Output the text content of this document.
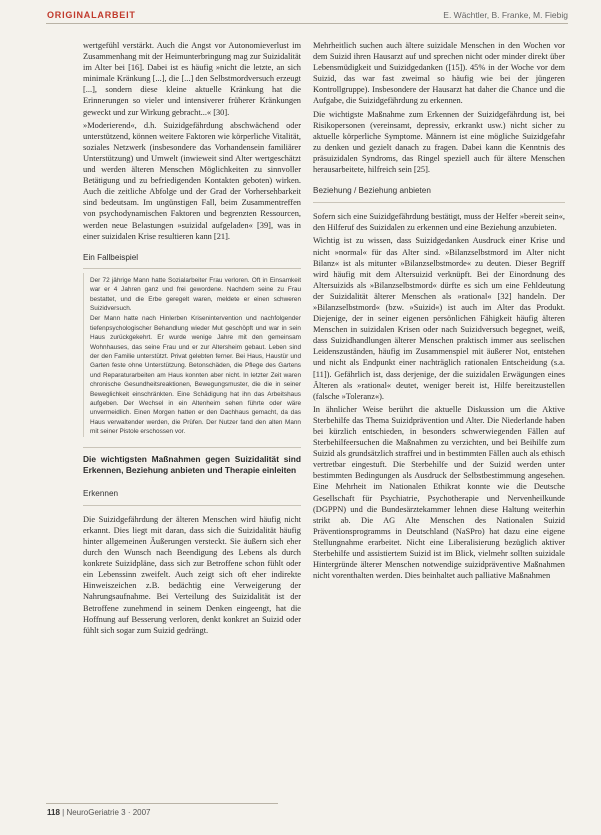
ORIGINALARBEIT	E. Wächtler, B. Franke, M. Fiebig

wertgefühl verstärkt. Auch die Angst vor Autonomieverlust im Zusammenhang mit der Heimunterbringung mag zur Suizidalität im Alter bei [16]. Dabei ist es häufig »nicht die letzte, an sich minimale Kränkung [...], die [...] den Selbstmordversuch erzeugt [...], sondern diese kleine aktuelle Kränkung hat die Erinnerungen so vieler und intensiverer früherer Kränkungen geweckt und zur Wirkung gebracht...« [30].

»Moderierend«, d.h. Suizidgefährdung abschwächend oder unterstützend, können weitere Faktoren wie körperliche Vitalität, soziales Netzwerk (insbesondere das Vorhandensein familiärer Unterstützung) und Umwelt (inwieweit sind Alter wertgeschätzt und werden älteren Menschen Möglichkeiten zu sinnvoller Betätigung und zu befriedigenden Kontakten geboten) wirken. Auch die zeitliche Abfolge und der Grad der Vorhersehbarkeit sind bedeutsam. Im ungünstigen Fall, beim Zusammentreffen von psychodynamischen Faktoren und begrenzten Ressourcen, werden neue Belastungen »suizidal aufgeladen« [39], was in einer suizidalen Krise resultieren kann [21].

Ein Fallbeispiel

Der 72 jährige Mann hatte Sozialarbeiter Frau verloren. Oft in Einsamkeit war er 4 Jahren ganz und frei gewordene. Nachdem seine zu Frau bestattet, und die Erbe geregelt waren, meldete er einen schweren Suizidversuch.

Der Mann hatte nach Hinlerben Krisenintervention und nachfolgender tiefenpsychologischer Behandlung wieder Mut geschöpft und war in sein Haus zurückgekehrt. Er wurde wenige Jahre mit den gemeinsam Wohnhauses, das seine Frau und er zur Altersheim gebaut. Leben sind der den Familie unterstützt. Privat gelebten ferner. Bei Haus, Haustür und Garten feste ohne Unterstützung. Betonschäden, die Pflege des Gartens und Reparaturarbeiten am Haus konnten aber nicht. In letzter Zeit waren chronische Gesundheitsreaktionen, Bewegungsmuster, die die in seiner Beweglichkeit einschränkten. Eine Schädigung hat ihn das Arbeitshaus aufgeben. Der Wechsel in ein Altenheim sehen führte oder wäre unvermeidlich. Einen Morgen hatten er den Dachhaus gemacht, da das Haus verwaltender werden, die Prüfen. Der Nutzer fand den alten Mann mit seiner Pistole erschossen vor.

Die wichtigsten Maßnahmen gegen Suizidalität sind Erkennen, Beziehung anbieten und Therapie einleiten
Erkennen

Die Suizidgefährdung der älteren Menschen wird häufig nicht erkannt. Dies liegt mit daran, dass sich die Suizidalität häufig hinter allgemeinen Äußerungen versteckt. Sie äußern sich eher durch den Wunsch nach Beendigung des Lebens als durch konkrete Suizidpläne, dass sich zur Betroffene schon fühlt oder ein Lebenssinn zweifelt. Auch zeigt sich oft eher indirekte Hinweiszeichen z.B. bedächtig eine Verweigerung der Nahrungsaufnahme. Bei Verteilung des Suizidalität ist der Betroffene zunehmend in seinem Denken eingeengt, hat die Hoffnung auf Besserung verloren, denkt konkret an Suizid oder fühlt sich sogar zum Suizid gedrängt.

Mehrheitlich suchen auch ältere suizidale Menschen in den Wochen vor dem Suizid ihren Hausarzt auf und sprechen nicht oder minder direkt über Lebensmüdigkeit und Suizidgedanken ([15]). 45% in der Woche vor dem Suizid, das war fast zweimal so häufig wie bei der jüngeren Kontrollgruppe). Insbesondere der Hausarzt hat daher die Chance und die Aufgabe, die Suizidgefährdung zu erkennen.

Die wichtigste Maßnahme zum Erkennen der Suizidgefährdung ist, bei Risikopersonen (vereinsamt, depressiv, erkrankt usw.) nicht sicher zu aktuelle körperliche Symptome. Männern ist eine mögliche Suizidgefahr zu denken und gezielt danach zu fragen. Dabei kann die Kenntnis des präsuizidalen Syndroms, das Ringel speziell auch für ältere Menschen herausarbeitete, hilfreich sein [25].

Beziehung / Beziehung anbieten

Sofern sich eine Suizidgefährdung bestätigt, muss der Helfer »bereit sein«, den Hilferuf des Suizidalen zu erkennen und eine Beziehung anzubieten.

Wichtig ist zu wissen, dass Suizidgedanken Ausdruck einer Krise und nicht »normal« für das Alter sind. »Bilanzselbstmord im Alter nicht Bilanz« ist als mitunter »Bilanzselbstmorde« zu deuten. Dieser Begriff wird häufig mit dem Altersuizid verknüpft. Bei der Einordnung des Altersuizids als »Bilanzselbstmord« dürfte es sich um eine Fehldeutung der Suizidalität älterer Menschen als »rational« [32] handeln. Der »Bilanzselbstmord« (bzw. »Suizid«) ist auch im Alter das Produkt. Diejenige, der in seiner eigenen persönlichen Fähigkeit häufig älteren Menschen in suizidalen Krisen oder nach Suizidversuch begegnet, weiß, dass Suizidhandlungen älterer Menschen praktisch immer aus seelischen Leidenszuständen, häufig im Zusammenspiel mit äußerer Not, entstehen und nicht als Endpunkt einer nachträglich rationalen Entscheidung (s.a. [11]). Gefährlich ist, dass derjenige, der die suizidalen Erwägungen eines Älteren als »rational« deutet, weniger bereit ist, Hilfe bereitzustellen (falsche »Toleranz«).

In ähnlicher Weise berührt die aktuelle Diskussion um die Aktive Sterbehilfe das Thema Suizidprävention und Alter. Die Niederlande haben bei kürzlich entschieden, in besonders schwerwiegenden Fällen auf Sterbehilfeersuchen die Maßnahmen zu verzichten, und bei Beihilfe zum Suizid als grundsätzlich straffrei und in bestimmten Fällen auch als ethisch vertretbar eingestuft. Die Sterbehilfe und der Suizid werden unter bestimmten Bedingungen als Ausdruck der Selbstbestimmung angesehen. Eine Mehrheit im Nationalen Ethikrat konnte wie die Deutsche Gesellschaft für Psychiatrie, Psychotherapie und Nervenheilkunde (DGPPN) und die Bundesärztekammer lehnen diese Haltung weiterhin strikt ab. Die AG Alte Menschen des Nationalen Suizid Präventionsprogramms in Deutschland (NaSPro) hat dazu eine eigene Stellungnahme erarbeitet. Nicht eine Liberalisierung bezüglich aktiver Sterbehilfe und assistiertem Suizid ist im Blick, vielmehr sollten suizidale Hintergründe älterer Menschen notwendige suizidpräventive Maßnahmen nicht vorenthalten werden. Dies beinhaltet auch palliative Maßnahmen

118 | NeuroGeriatrie 3 · 2007
